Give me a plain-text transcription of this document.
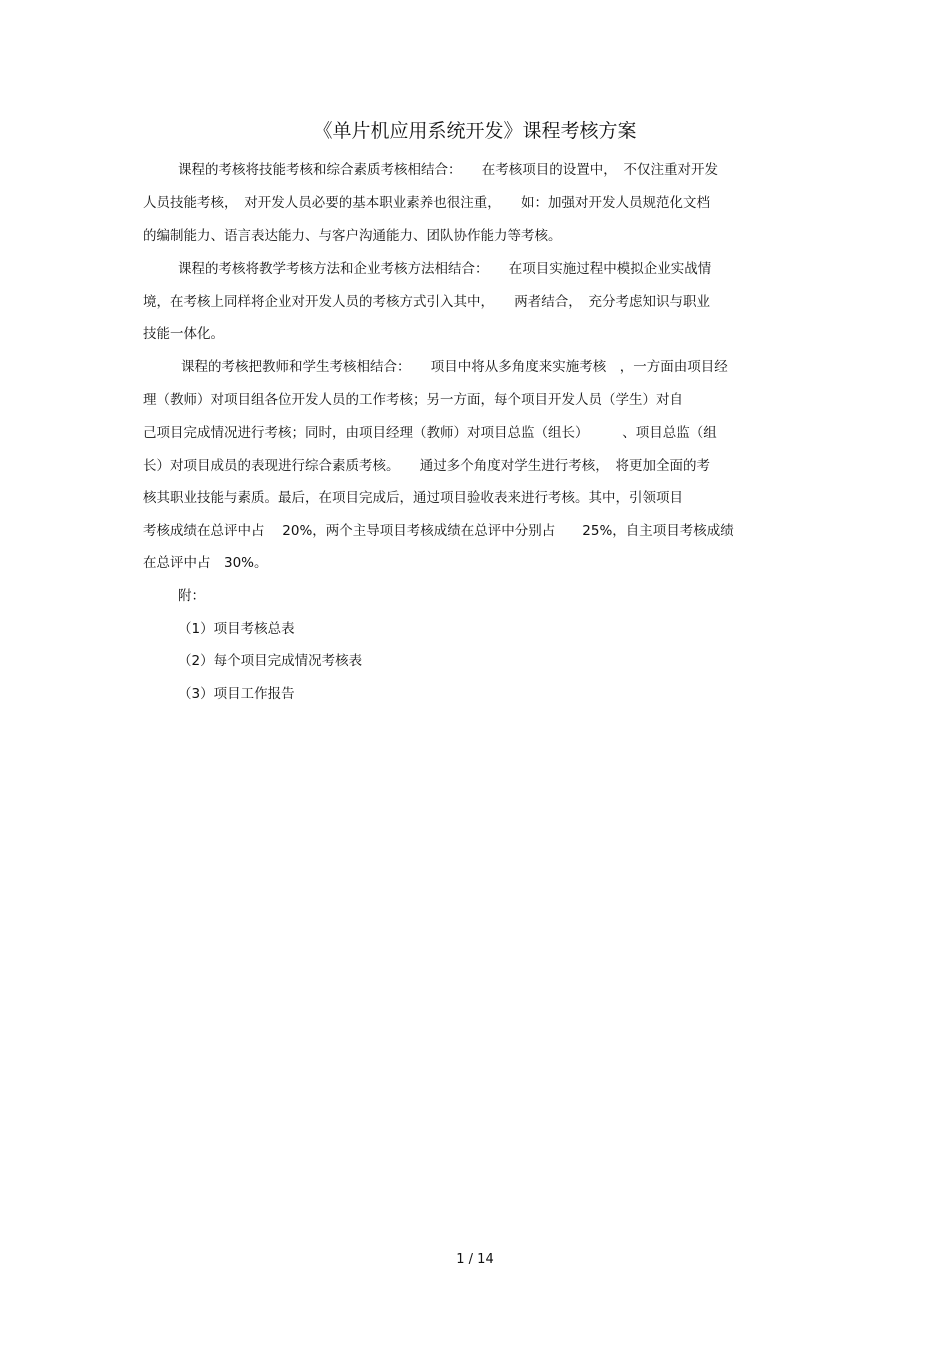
《单片机应用系统开发》课程考核方案
课程的考核将技能考核和综合素质考核相结合：　　在考核项目的设置中，　不仅注重对开发
人员技能考核，　对开发人员必要的基本职业素养也很注重，　　如：加强对开发人员规范化文档
的编制能力、语言表达能力、与客户沟通能力、团队协作能力等考核。
课程的考核将教学考核方法和企业考核方法相结合：　　在项目实施过程中模拟企业实战情
境，在考核上同样将企业对开发人员的考核方式引入其中，　　两者结合，　充分考虑知识与职业
技能一体化。
课程的考核把教师和学生考核相结合：　　项目中将从多角度来实施考核　，一方面由项目经
理（教师）对项目组各位开发人员的工作考核；另一方面，每个项目开发人员（学生）对自
己项目完成情况进行考核；同时，由项目经理（教师）对项目总监（组长）　　　、项目总监（组
长）对项目成员的表现进行综合素质考核。　　通过多个角度对学生进行考核，　将更加全面的考
核其职业技能与素质。最后，在项目完成后，通过项目验收表来进行考核。其中，引领项目
考核成绩在总评中占　 20%，两个主导项目考核成绩在总评中分别占　　25%，自主项目考核成绩
在总评中占　30%。
附：
（1）项目考核总表
（2）每个项目完成情况考核表
（3）项目工作报告
1 / 14
